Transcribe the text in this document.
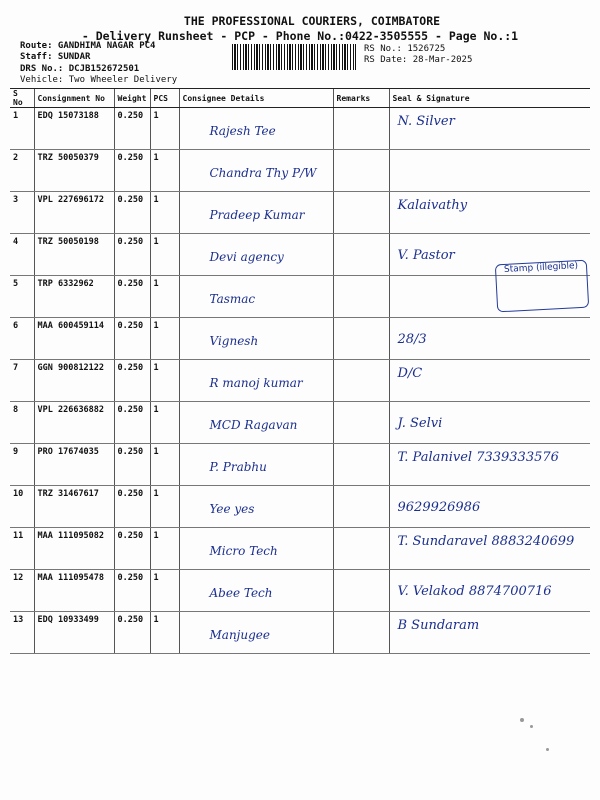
THE PROFESSIONAL COURIERS, COIMBATORE
- Delivery Runsheet - PCP - Phone No.:0422-3505555 - Page No.:1
Route: GANDHIMA NAGAR PC4
Staff: SUNDAR
DRS No.: DCJB152672501
Vehicle: Two Wheeler Delivery
RS No.: 1526725
RS Date: 28-Mar-2025
S No	Consignment No	Weight	PCS	Consignee Details	Remarks	Seal & Signature
1	EDQ 15073188	0.250	1	Rajesh Tee		N. Silver

2	TRZ 50050379	0.250	1	Chandra Thy P/W		

3	VPL 227696172	0.250	1	Pradeep Kumar		Kalaivathy

4	TRZ 50050198	0.250	1	Devi agency		V. Pastor

5	TRP 6332962	0.250	1	Tasmac		

6	MAA 600459114	0.250	1	Vignesh		28/3

7	GGN 900812122	0.250	1	R manoj kumar		D/C

8	VPL 226636882	0.250	1	MCD Ragavan		J. Selvi

9	PRO 17674035	0.250	1	P. Prabhu		T. Palanivel 7339333576

10	TRZ 31467617	0.250	1	Yee yes		9629926986

11	MAA 111095082	0.250	1	Micro Tech		T. Sundaravel 8883240699

12	MAA 111095478	0.250	1	Abee Tech		V. Velakod 8874700716

13	EDQ 10933499	0.250	1	Manjugee		B Sundaram
Stamp (illegible)
